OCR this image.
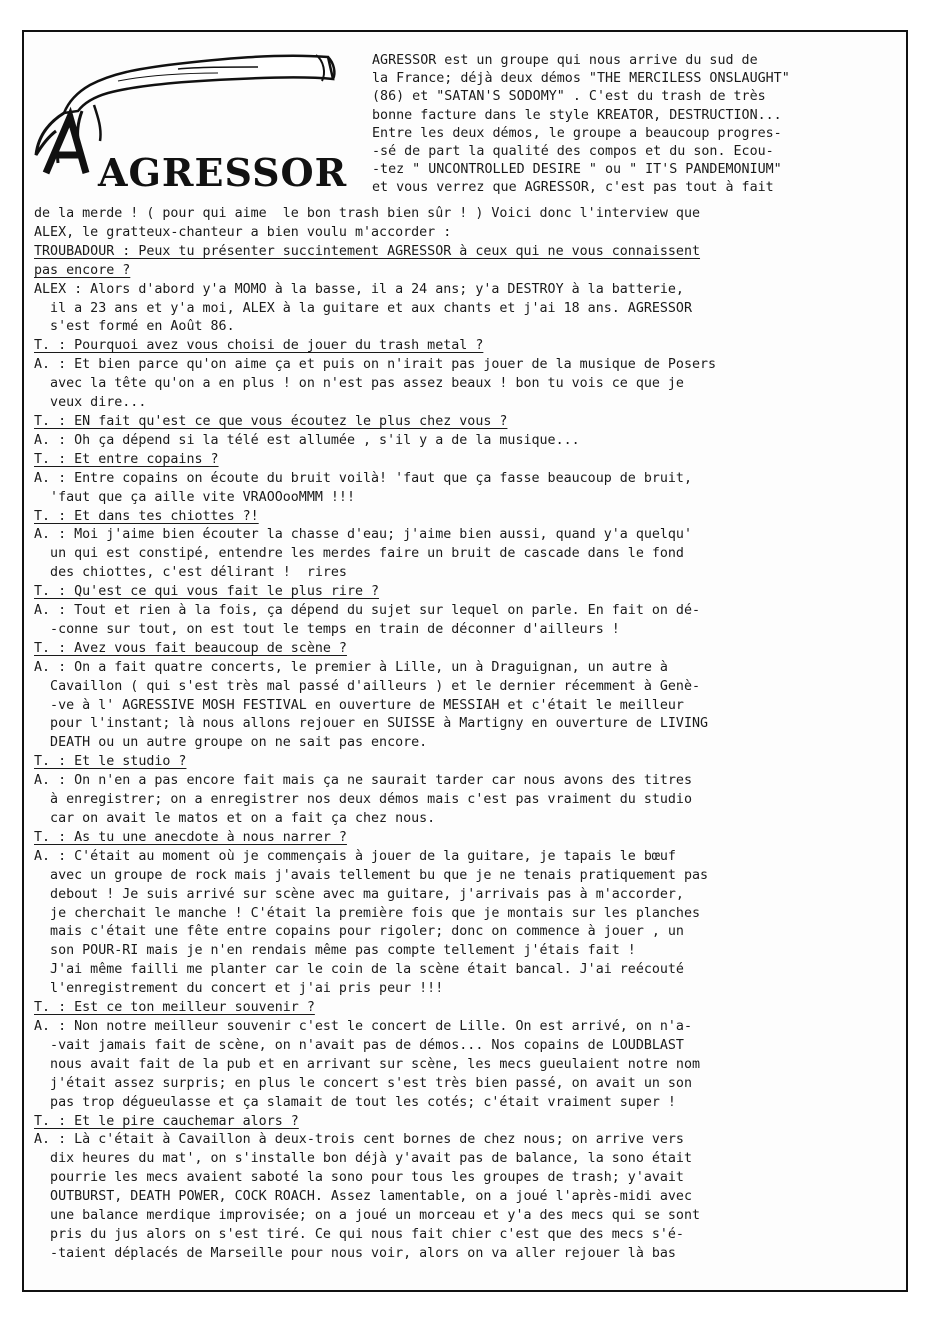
AGRESSOR
AGRESSOR est un groupe qui nous arrive du sud de
la France; déjà deux démos "THE MERCILESS ONSLAUGHT"
(86) et "SATAN'S SODOMY" . C'est du trash de très
bonne facture dans le style KREATOR, DESTRUCTION...
Entre les deux démos, le groupe a beaucoup progres-
-sé de part la qualité des compos et du son. Ecou-
-tez " UNCONTROLLED DESIRE " ou " IT'S PANDEMONIUM"
et vous verrez que AGRESSOR, c'est pas tout à fait
de la merde ! ( pour qui aime  le bon trash bien sûr ! ) Voici donc l'interview que
ALEX, le gratteux-chanteur a bien voulu m'accorder :
TROUBADOUR : Peux tu présenter succintement AGRESSOR à ceux qui ne vous connaissent
pas encore ?
ALEX : Alors d'abord y'a MOMO à la basse, il a 24 ans; y'a DESTROY à la batterie,
il a 23 ans et y'a moi, ALEX à la guitare et aux chants et j'ai 18 ans. AGRESSOR
s'est formé en Août 86.
T. : Pourquoi avez vous choisi de jouer du trash metal ?
A. : Et bien parce qu'on aime ça et puis on n'irait pas jouer de la musique de Posers
avec la tête qu'on a en plus ! on n'est pas assez beaux ! bon tu vois ce que je
veux dire...
T. : EN fait qu'est ce que vous écoutez le plus chez vous ?
A. : Oh ça dépend si la télé est allumée , s'il y a de la musique...
T. : Et entre copains ?
A. : Entre copains on écoute du bruit voilà! 'faut que ça fasse beaucoup de bruit,
'faut que ça aille vite VRAOOooMMM !!!
T. : Et dans tes chiottes ?!
A. : Moi j'aime bien écouter la chasse d'eau; j'aime bien aussi, quand y'a quelqu'
un qui est constipé, entendre les merdes faire un bruit de cascade dans le fond
des chiottes, c'est délirant !  rires
T. : Qu'est ce qui vous fait le plus rire ?
A. : Tout et rien à la fois, ça dépend du sujet sur lequel on parle. En fait on dé-
-conne sur tout, on est tout le temps en train de déconner d'ailleurs !
T. : Avez vous fait beaucoup de scène ?
A. : On a fait quatre concerts, le premier à Lille, un à Draguignan, un autre à
Cavaillon ( qui s'est très mal passé d'ailleurs ) et le dernier récemment à Genè-
-ve à l' AGRESSIVE MOSH FESTIVAL en ouverture de MESSIAH et c'était le meilleur
pour l'instant; là nous allons rejouer en SUISSE à Martigny en ouverture de LIVING
DEATH ou un autre groupe on ne sait pas encore.
T. : Et le studio ?
A. : On n'en a pas encore fait mais ça ne saurait tarder car nous avons des titres
à enregistrer; on a enregistrer nos deux démos mais c'est pas vraiment du studio
car on avait le matos et on a fait ça chez nous.
T. : As tu une anecdote à nous narrer ?
A. : C'était au moment où je commençais à jouer de la guitare, je tapais le bœuf
avec un groupe de rock mais j'avais tellement bu que je ne tenais pratiquement pas
debout ! Je suis arrivé sur scène avec ma guitare, j'arrivais pas à m'accorder,
je cherchait le manche ! C'était la première fois que je montais sur les planches
mais c'était une fête entre copains pour rigoler; donc on commence à jouer , un
son POUR-RI mais je n'en rendais même pas compte tellement j'étais fait !
J'ai même failli me planter car le coin de la scène était bancal. J'ai reécouté
l'enregistrement du concert et j'ai pris peur !!!
T. : Est ce ton meilleur souvenir ?
A. : Non notre meilleur souvenir c'est le concert de Lille. On est arrivé, on n'a-
-vait jamais fait de scène, on n'avait pas de démos... Nos copains de LOUDBLAST
nous avait fait de la pub et en arrivant sur scène, les mecs gueulaient notre nom
j'était assez surpris; en plus le concert s'est très bien passé, on avait un son
pas trop dégueulasse et ça slamait de tout les cotés; c'était vraiment super !
T. : Et le pire cauchemar alors ?
A. : Là c'était à Cavaillon à deux-trois cent bornes de chez nous; on arrive vers
dix heures du mat', on s'installe bon déjà y'avait pas de balance, la sono était
pourrie les mecs avaient saboté la sono pour tous les groupes de trash; y'avait
OUTBURST, DEATH POWER, COCK ROACH. Assez lamentable, on a joué l'après-midi avec
une balance merdique improvisée; on a joué un morceau et y'a des mecs qui se sont
pris du jus alors on s'est tiré. Ce qui nous fait chier c'est que des mecs s'é-
-taient déplacés de Marseille pour nous voir, alors on va aller rejouer là bas
